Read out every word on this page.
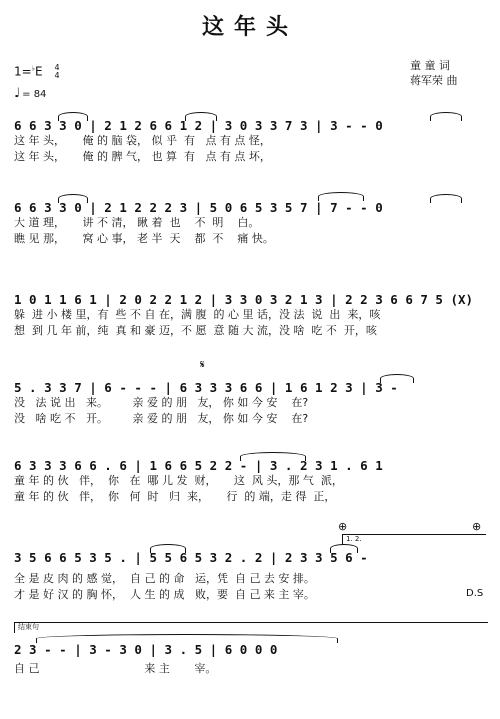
这年头
童 童 词
蒋军荣 曲
1=♭E 4
4
♩ = 84
6 6 3 3 0 | 2 1 2 6 6 1 2 | 3 0 3 3 7 3 | 3 - - 0
这 年 头，     俺 的 脑 袋， 似 乎  有   点 有 点 怪，
这 年 头，     俺 的 脾 气， 也 算  有   点 有 点 坏，
6 6 3 3 0 | 2 1 2 2 2 3 | 5 0 6 5 3 5 7 | 7 - - 0
大 道 理，     讲 不 清， 瞅 着  也    不  明    白。
瞧 见 那，     窝 心 事， 老 半  天    都  不    痛 快。
1 0 1 1 6 1 | 2 0 2 2 1 2 | 3 3 0 3 2 1 3 | 2 2 3 6 6 7 5 (X)
躲  进 小 楼 里，有  些 不 自 在，满 腹  的 心 里 话，没 法  说  出  来，咳
想  到 几 年 前，纯  真 和 豪 迈，不 愿  意 随 大 流，没 啥  吃 不  开，咳
𝄋
5 . 3 3 7 | 6 - - - | 6 3 3 3 6 6 | 1 6 1 2 3 | 3 -
没   法 说 出   来。       亲 爱 的 朋   友， 你 如 今 安    在?
没   啥 吃 不   开。       亲 爱 的 朋   友， 你 如 今 安    在?
6 3 3 3 6 6 . 6 | 1 6 6 5 2 2 - | 3 . 2 3 1 . 6 1
童 年 的 伙   伴，  你   在  哪 儿 发  财，     这  风 头，那 气  派，
童 年 的 伙   伴，  你   何  时   归  来，     行  的 端，走 得  正，
⊕	⊕
1. 2.
3 5 6 6 5 3 5 . | 5 5 6 5 3 2 . 2 | 2 3 3 5 6 -
全 是 皮 肉 的 感 觉，  自 己 的 命   运，凭  自 己 去 安 排。
才 是 好 汉 的 胸 怀，  人 生 的 成   败，要  自 己 来 主 宰。	D.S
结束句
2 3 - - | 3 - 3 0 | 3 . 5 | 6 0 0 0
自 己                              来 主       宰。
